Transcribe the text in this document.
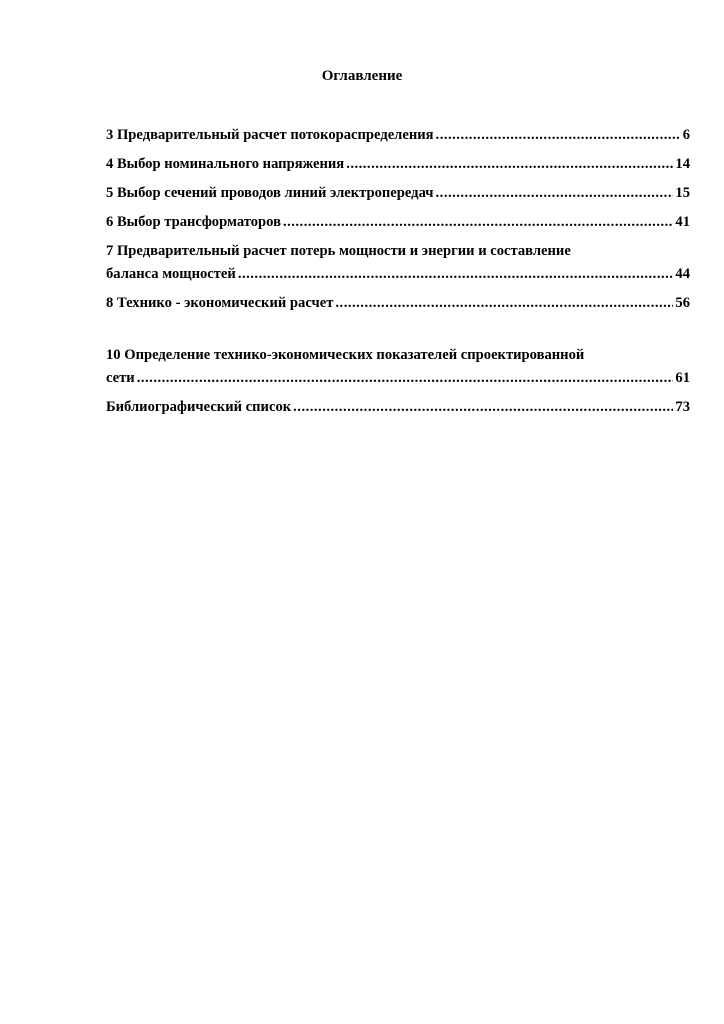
Оглавление
3 Предварительный расчет потокораспределения .....	6
4 Выбор номинального напряжения .....	14
5 Выбор сечений проводов линий электропередач .....	15
6 Выбор трансформаторов .....	41
7 Предварительный расчет потерь мощности и энергии и составление
баланса мощностей .....	44
8 Технико - экономический расчет .....	56
10 Определение технико-экономических показателей спроектированной
сети .....	61
Библиографический список .....	73
